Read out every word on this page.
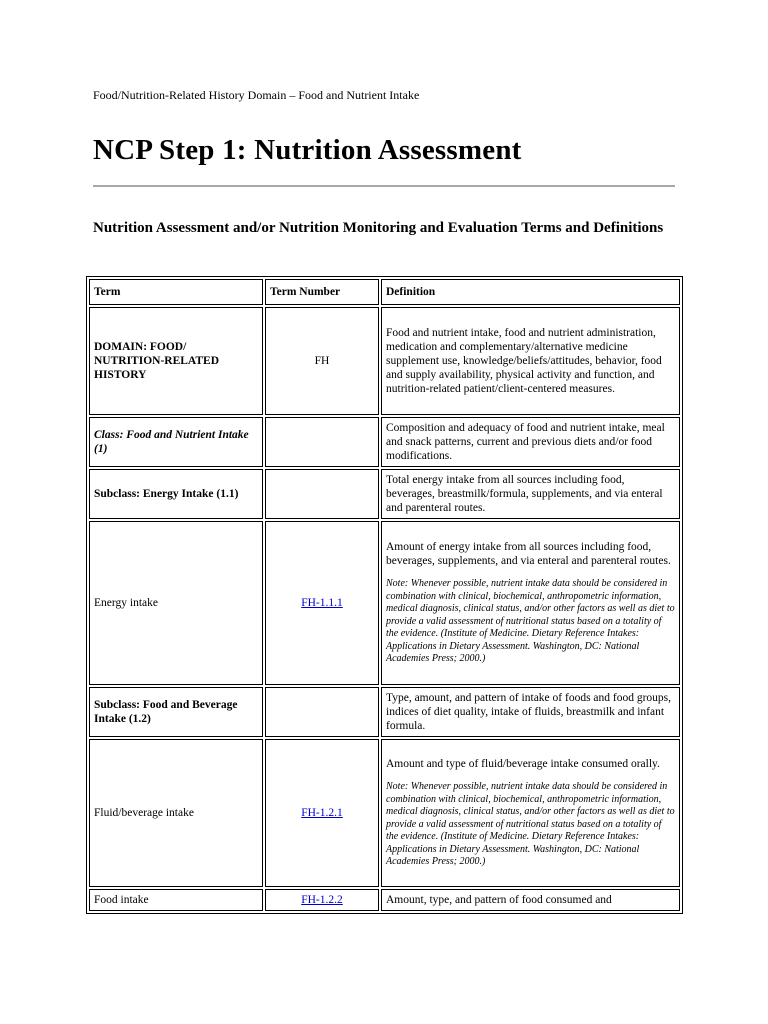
Food/Nutrition-Related History Domain – Food and Nutrient Intake
NCP Step 1: Nutrition Assessment
Nutrition Assessment and/or Nutrition Monitoring and Evaluation Terms and Definitions
Term	Term Number	Definition
DOMAIN: FOOD/ NUTRITION-RELATED HISTORY	FH	Food and nutrient intake, food and nutrient administration, medication and complementary/alternative medicine supplement use, knowledge/beliefs/attitudes, behavior, food and supply availability, physical activity and function, and nutrition-related patient/client-centered measures.
Class: Food and Nutrient Intake (1)		Composition and adequacy of food and nutrient intake, meal and snack patterns, current and previous diets and/or food modifications.
Subclass: Energy Intake (1.1)		Total energy intake from all sources including food, beverages, breastmilk/formula, supplements, and via enteral and parenteral routes.
Energy intake	FH-1.1.1	Amount of energy intake from all sources including food, beverages, supplements, and via enteral and parenteral routes.
Note: Whenever possible, nutrient intake data should be considered in combination with clinical, biochemical, anthropometric information, medical diagnosis, clinical status, and/or other factors as well as diet to provide a valid assessment of nutritional status based on a totality of the evidence. (Institute of Medicine. Dietary Reference Intakes: Applications in Dietary Assessment. Washington, DC: National Academies Press; 2000.)

Subclass: Food and Beverage Intake (1.2)		Type, amount, and pattern of intake of foods and food groups, indices of diet quality, intake of fluids, breastmilk and infant formula.
Fluid/beverage intake	FH-1.2.1	Amount and type of fluid/beverage intake consumed orally.
Note: Whenever possible, nutrient intake data should be considered in combination with clinical, biochemical, anthropometric information, medical diagnosis, clinical status, and/or other factors as well as diet to provide a valid assessment of nutritional status based on a totality of the evidence. (Institute of Medicine. Dietary Reference Intakes: Applications in Dietary Assessment. Washington, DC: National Academies Press; 2000.)

Food intake	FH-1.2.2	Amount, type, and pattern of food consumed and
